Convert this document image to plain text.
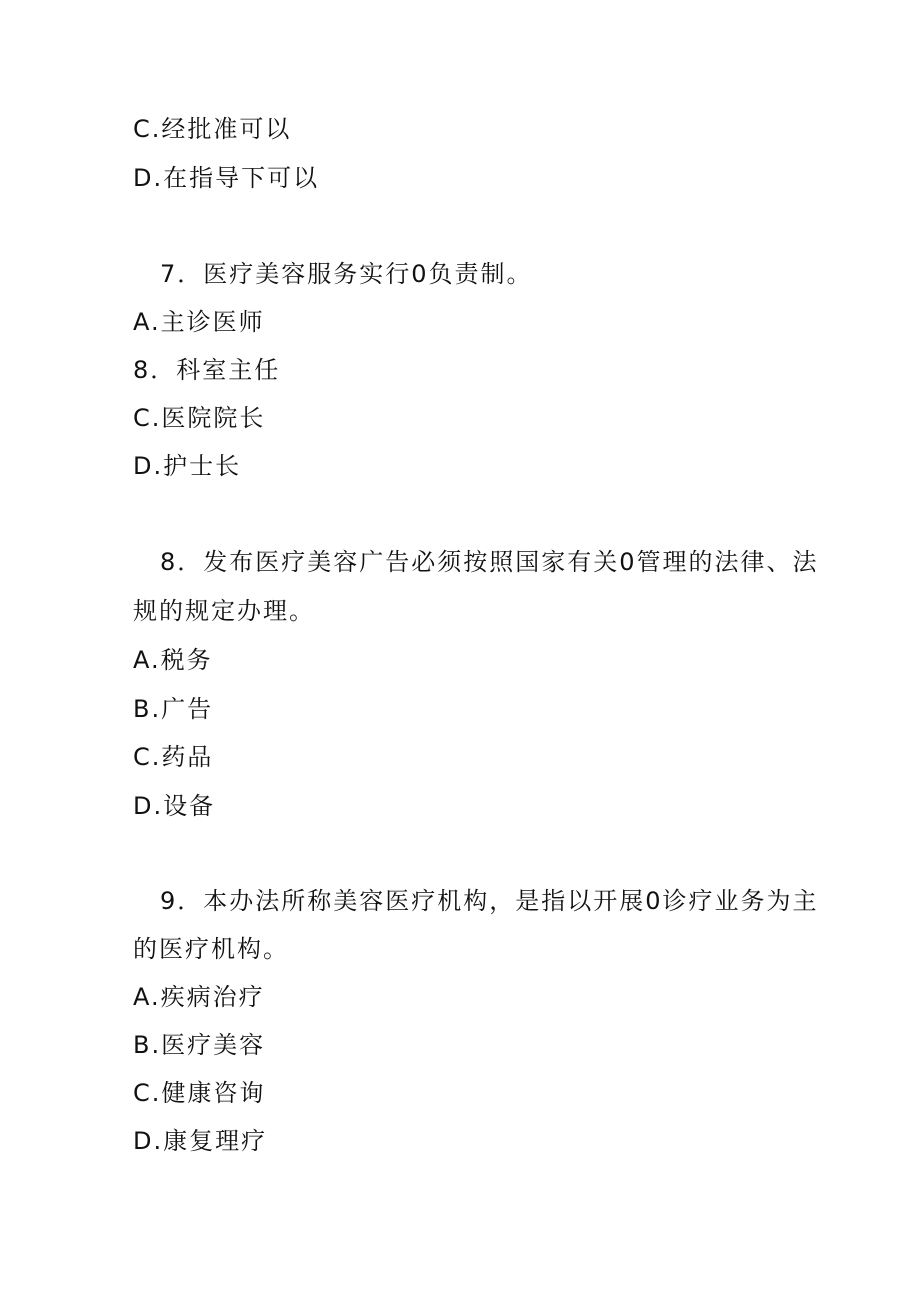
C.经批准可以
D.在指导下可以
7．医疗美容服务实行0负责制。
A.主诊医师
8．科室主任
C.医院院长
D.护士长
8．发布医疗美容广告必须按照国家有关0管理的法律、法
规的规定办理。
A.税务
B.广告
C.药品
D.设备
9．本办法所称美容医疗机构，是指以开展0诊疗业务为主
的医疗机构。
A.疾病治疗
B.医疗美容
C.健康咨询
D.康复理疗
